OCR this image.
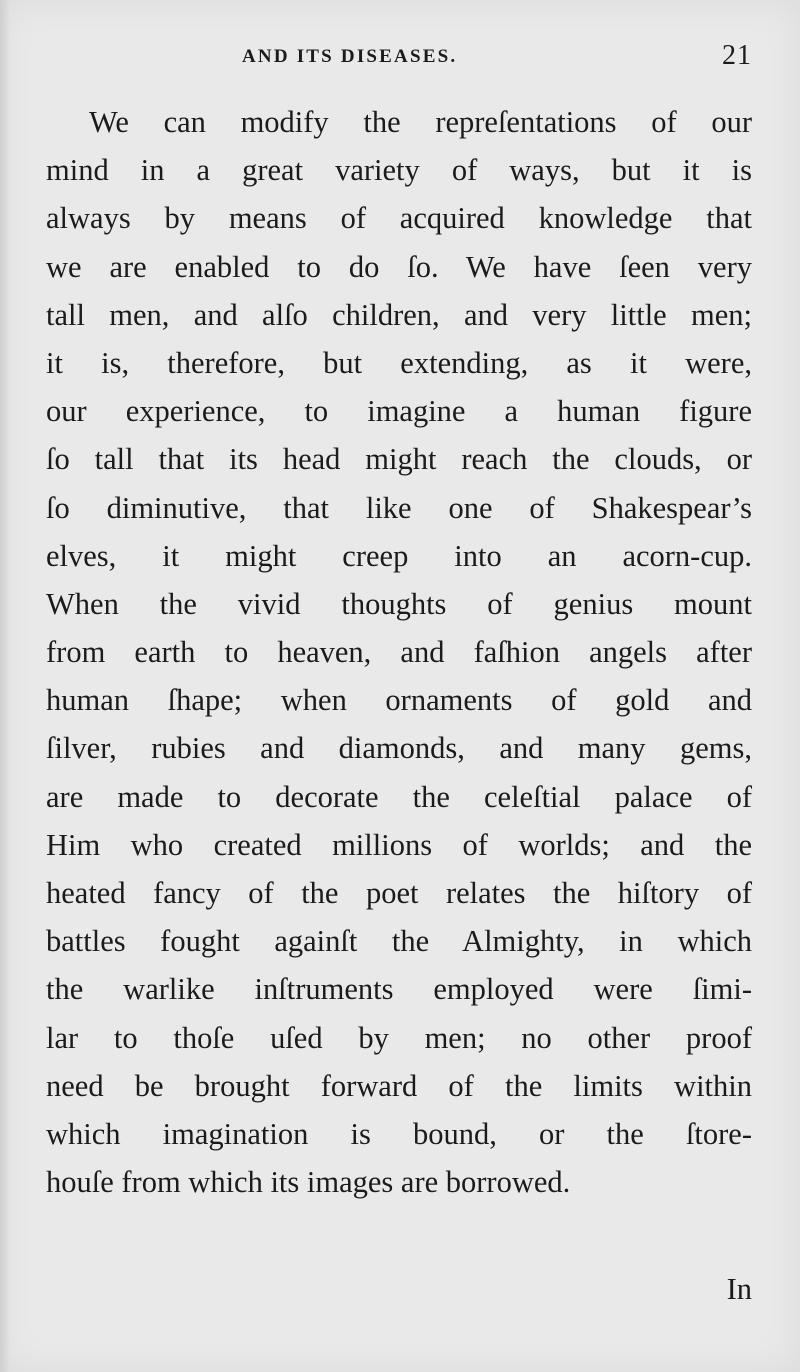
AND ITS DISEASES.	21
We can modify the repreſentations of our
mind in a great variety of ways, but it is
always by means of acquired knowledge that
we are enabled to do ſo. We have ſeen very
tall men, and alſo children, and very little men;
it is, therefore, but extending, as it were,
our experience, to imagine a human figure
ſo tall that its head might reach the clouds, or
ſo diminutive, that like one of Shakespear’s
elves, it might creep into an acorn-cup.
When the vivid thoughts of genius mount
from earth to heaven, and faſhion angels after
human ſhape; when ornaments of gold and
ſilver, rubies and diamonds, and many gems,
are made to decorate the celeſtial palace of
Him who created millions of worlds; and the
heated fancy of the poet relates the hiſtory of
battles fought againſt the Almighty, in which
the warlike inſtruments employed were ſimi-
lar to thoſe uſed by men; no other proof
need be brought forward of the limits within
which imagination is bound, or the ſtore-
houſe from which its images are borrowed.
In
